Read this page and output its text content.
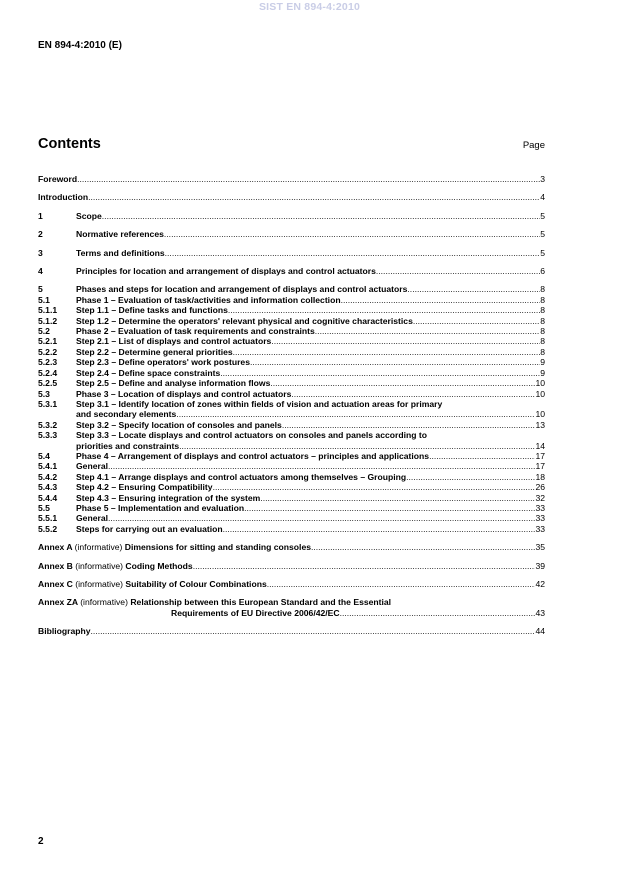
SIST EN 894-4:2010
EN 894-4:2010 (E)
Contents	Page
Foreword .....	3
Introduction .....	4
1	Scope .....	5
2	Normative references .....	5
3	Terms and definitions .....	5
4	Principles for location and arrangement of displays and control actuators .....	6
5	Phases and steps for location and arrangement of displays and control actuators .....	8
5.1	Phase 1 – Evaluation of task/activities and information collection .....	8
5.1.1	Step 1.1 – Define tasks and functions .....	8
5.1.2	Step 1.2 – Determine the operators' relevant physical and cognitive characteristics .....	8
5.2	Phase 2 – Evaluation of task requirements and constraints .....	8
5.2.1	Step 2.1 – List of displays and control actuators .....	8
5.2.2	Step 2.2 – Determine general priorities .....	8
5.2.3	Step 2.3 – Define operators' work postures .....	9
5.2.4	Step 2.4 – Define space constraints .....	9
5.2.5	Step 2.5 – Define and analyse information flows .....	10
5.3	Phase 3 – Location of displays and control actuators .....	10
5.3.1	Step 3.1 – Identify location of zones within fields of vision and actuation areas for primary
and secondary elements .....	10
5.3.2	Step 3.2 – Specify location of consoles and panels .....	13
5.3.3	Step 3.3 – Locate displays and control actuators on consoles and panels according to
priorities and constraints .....	14
5.4	Phase 4 – Arrangement of displays and control actuators – principles and applications .....	17
5.4.1	General .....	17
5.4.2	Step 4.1 – Arrange displays and control actuators among themselves – Grouping .....	18
5.4.3	Step 4.2 – Ensuring Compatibility .....	26
5.4.4	Step 4.3 – Ensuring integration of the system .....	32
5.5	Phase 5 – Implementation and evaluation .....	33
5.5.1	General .....	33
5.5.2	Steps for carrying out an evaluation .....	33
Annex A (informative) Dimensions for sitting and standing consoles .....	35
Annex B (informative) Coding Methods .....	39
Annex C (informative) Suitability of Colour Combinations .....	42
Annex ZA (informative) Relationship between this European Standard and the Essential
Requirements of EU Directive 2006/42/EC .....	43
Bibliography .....	44
2
